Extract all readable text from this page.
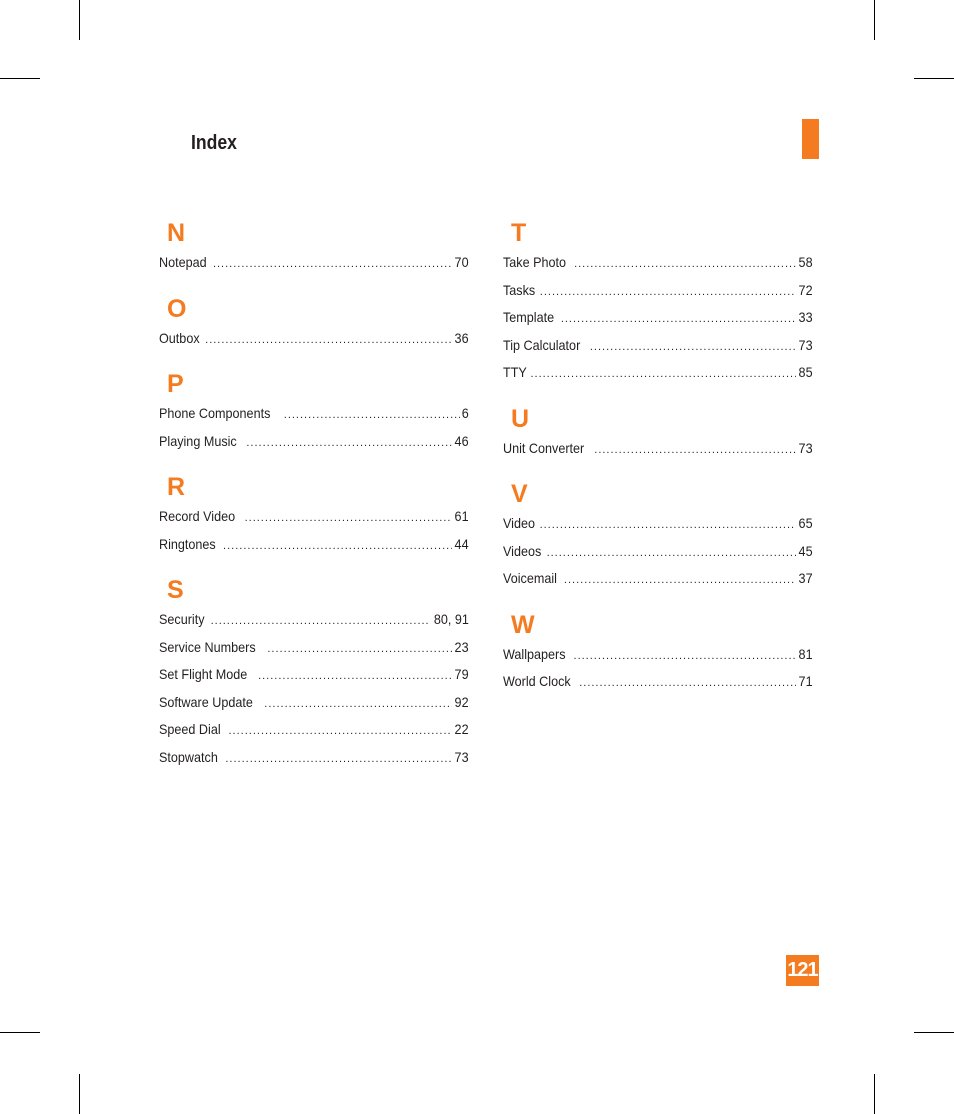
Index
N
Notepad .....	70
O
Outbox .....	36
P
Phone Components .....	6
Playing Music .....	46
R
Record Video .....	61
Ringtones .....	44
S
Security .....	80, 91
Service Numbers .....	23
Set Flight Mode .....	79
Software Update .....	92
Speed Dial .....	22
Stopwatch .....	73
T
Take Photo .....	58
Tasks .....	72
Template .....	33
Tip Calculator .....	73
TTY .....	85
U
Unit Converter .....	73
V
Video .....	65
Videos .....	45
Voicemail .....	37
W
Wallpapers .....	81
World Clock .....	71
121
